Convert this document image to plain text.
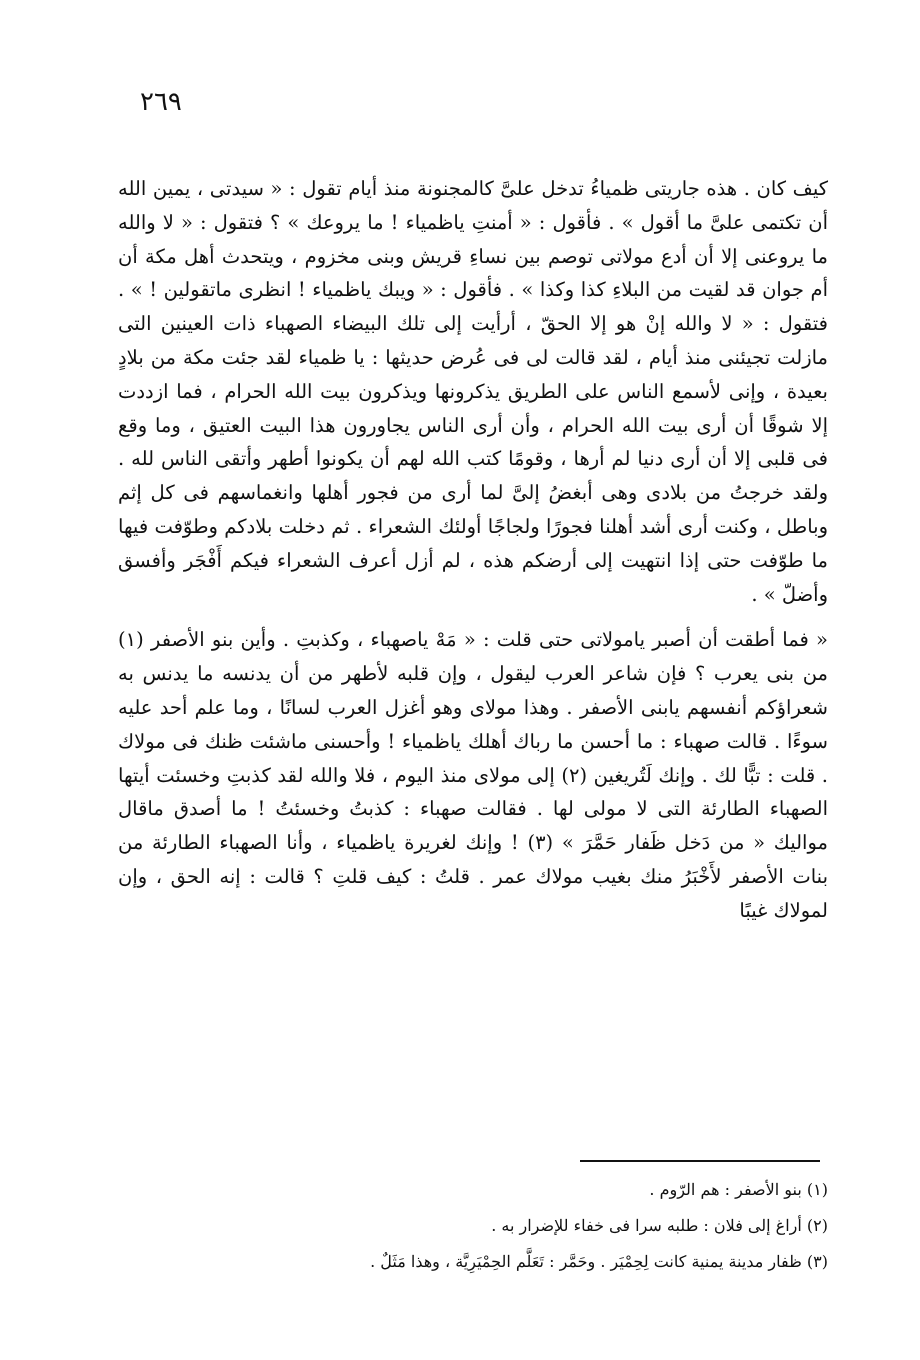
٢٦٩

كيف كان . هذه جاريتى ظمياءُ تدخل علىَّ كالمجنونة منذ أيام تقول : « سيدتى ، يمين الله أن تكتمى علىَّ ما أقول » . فأقول : « أمنتِ ياظمياء ! ما يروعك » ؟ فتقول : « لا والله ما يروعنى إلا أن أدع مولاتى توصم بين نساءِ قريش وبنى مخزوم ، ويتحدث أهل مكة أن أم جوان قد لقيت من البلاءِ كذا وكذا » . فأقول : « ويبك ياظمياء ! انظرى ماتقولين ! » . فتقول : « لا والله إنْ هو إلا الحقّ ، أرأيت إلى تلك البيضاء الصهباء ذات العينين التى مازلت تجيئنى منذ أيام ، لقد قالت لى فى عُرض حديثها : يا ظمياء لقد جئت مكة من بلادٍ بعيدة ، وإنى لأسمع الناس على الطريق يذكرونها ويذكرون بيت الله الحرام ، فما ازددت إلا شوقًا أن أرى بيت الله الحرام ، وأن أرى الناس يجاورون هذا البيت العتيق ، وما وقع فى قلبى إلا أن أرى دنيا لم أرها ، وقومًا كتب الله لهم أن يكونوا أطهر وأتقى الناس لله . ولقد خرجتُ من بلادى وهى أبغضُ إلىَّ لما أرى من فجور أهلها وانغماسهم فى كل إثم وباطل ، وكنت أرى أشد أهلنا فجورًا ولجاجًا أولئك الشعراء . ثم دخلت بلادكم وطوّفت فيها ما طوّفت حتى إذا انتهيت إلى أرضكم هذه ، لم أزل أعرف الشعراء فيكم أَفْجَر وأفسق وأضلّ » .

« فما أطقت أن أصبر يامولاتى حتى قلت : « مَهْ ياصهباء ، وكذبتِ . وأين بنو الأصفر (١) من بنى يعرب ؟ فإن شاعر العرب ليقول ، وإن قلبه لأطهر من أن يدنسه ما يدنس به شعراؤكم أنفسهم يابنى الأصفر . وهذا مولاى وهو أغزل العرب لسانًا ، وما علم أحد عليه سوءًا . قالت صهباء : ما أحسن ما رباك أهلك ياظمياء ! وأحسنى ماشئت ظنك فى مولاك . قلت : تبًّا لك . وإنك لَتُريغين (٢) إلى مولاى منذ اليوم ، فلا والله لقد كذبتِ وخسئت أيتها الصهباء الطارئة التى لا مولى لها . فقالت صهباء : كذبتُ وخسئتُ ! ما أصدق ماقال مواليك « من دَخل ظَفار حَمَّرَ » (٣) ! وإنك لغريرة ياظمياء ، وأنا الصهباء الطارئة من بنات الأصفر لأَخْبَرُ منك بغيب مولاك عمر . قلتُ : كيف قلتِ ؟ قالت : إنه الحق ، وإن لمولاك غيبًا

(١) بنو الأصفر : هم الرّوم .

(٢) أراغ إلى فلان : طلبه سرا فى خفاء للإضرار به .

(٣) ظفار مدينة يمنية كانت لِحِمْيَر . وحَمَّر : تَعَلَّم الحِمْيَرِيَّة ، وهذا مَثَلٌ .
